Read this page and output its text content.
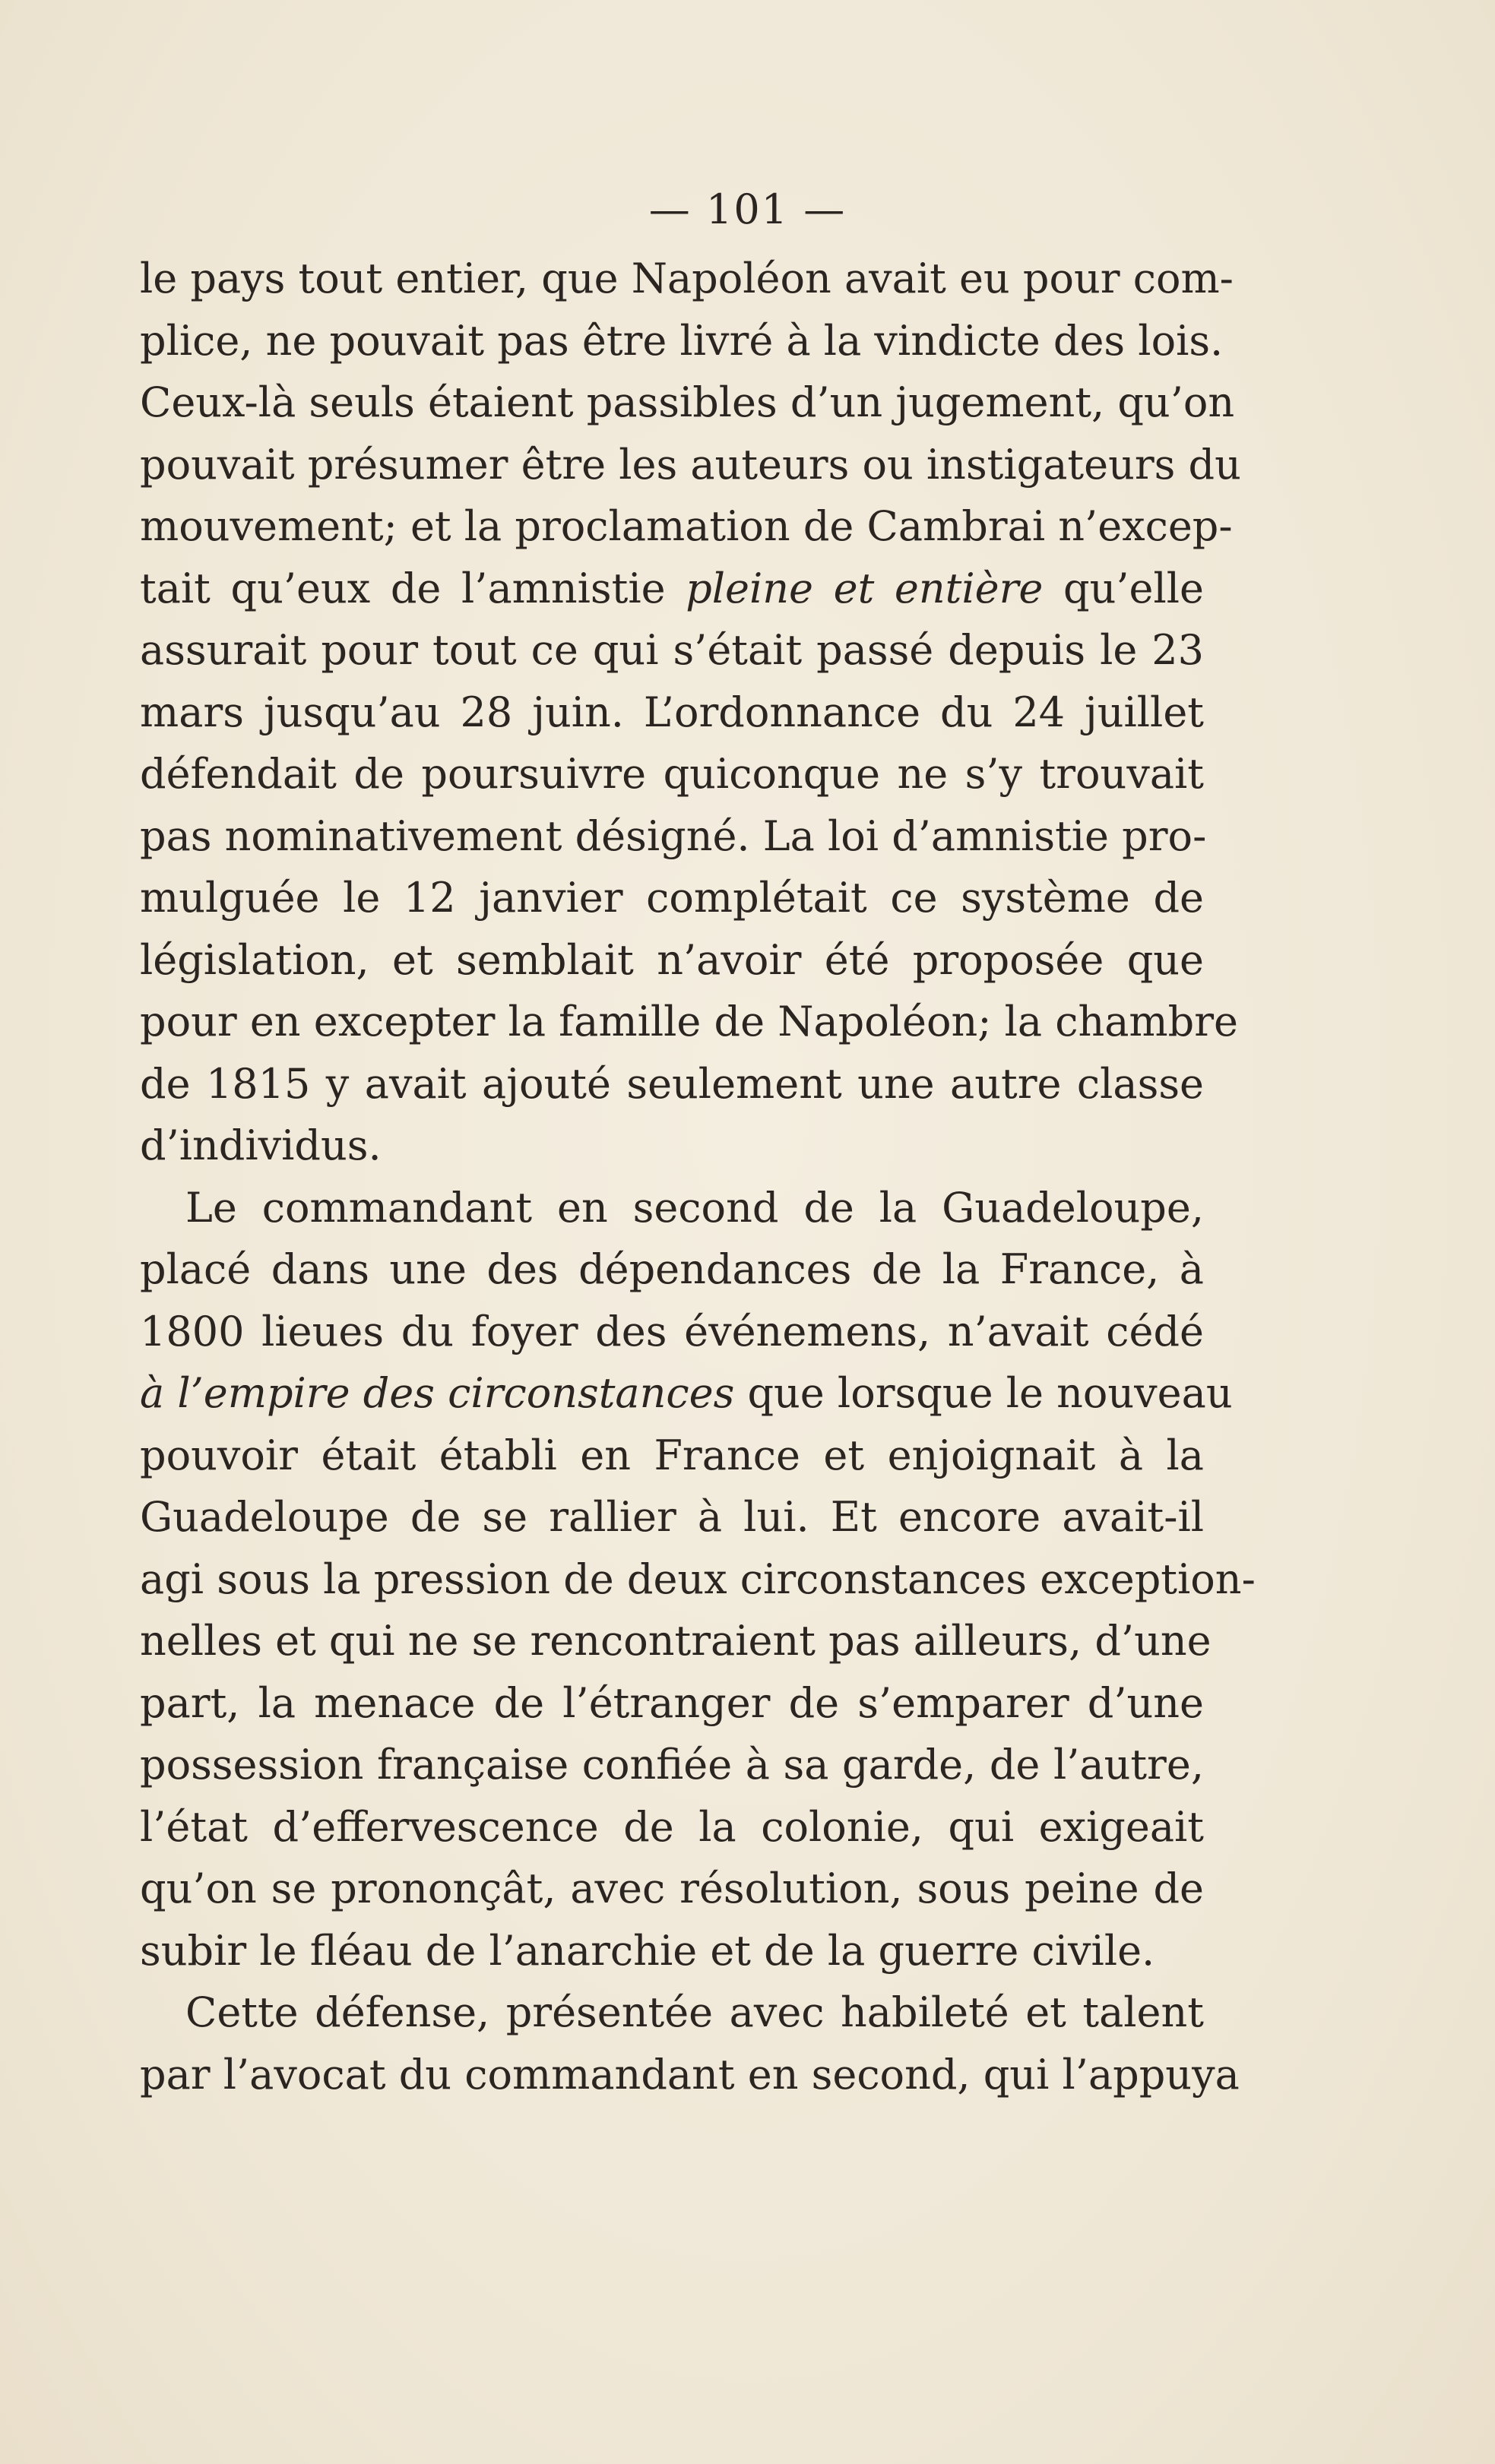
— 101 —
le pays tout entier, que Napoléon avait eu pour com-
plice, ne pouvait pas être livré à la vindicte des lois.
Ceux-là seuls étaient passibles d’un jugement, qu’on
pouvait présumer être les auteurs ou instigateurs du
mouvement; et la proclamation de Cambrai n’excep-
tait qu’eux de l’amnistie pleine et entière qu’elle
assurait pour tout ce qui s’était passé depuis le 23
mars jusqu’au 28 juin. L’ordonnance du 24 juillet
défendait de poursuivre quiconque ne s’y trouvait
pas nominativement désigné. La loi d’amnistie pro-
mulguée le 12 janvier complétait ce système de
législation, et semblait n’avoir été proposée que
pour en excepter la famille de Napoléon; la chambre
de 1815 y avait ajouté seulement une autre classe
d’individus.
Le commandant en second de la Guadeloupe,
placé dans une des dépendances de la France, à
1800 lieues du foyer des événemens, n’avait cédé
à l’empire des circonstances que lorsque le nouveau
pouvoir était établi en France et enjoignait à la
Guadeloupe de se rallier à lui. Et encore avait-il
agi sous la pression de deux circonstances exception-
nelles et qui ne se rencontraient pas ailleurs, d’une
part, la menace de l’étranger de s’emparer d’une
possession française confiée à sa garde, de l’autre,
l’état d’effervescence de la colonie, qui exigeait
qu’on se prononçât, avec résolution, sous peine de
subir le fléau de l’anarchie et de la guerre civile.
Cette défense, présentée avec habileté et talent
par l’avocat du commandant en second, qui l’appuya
